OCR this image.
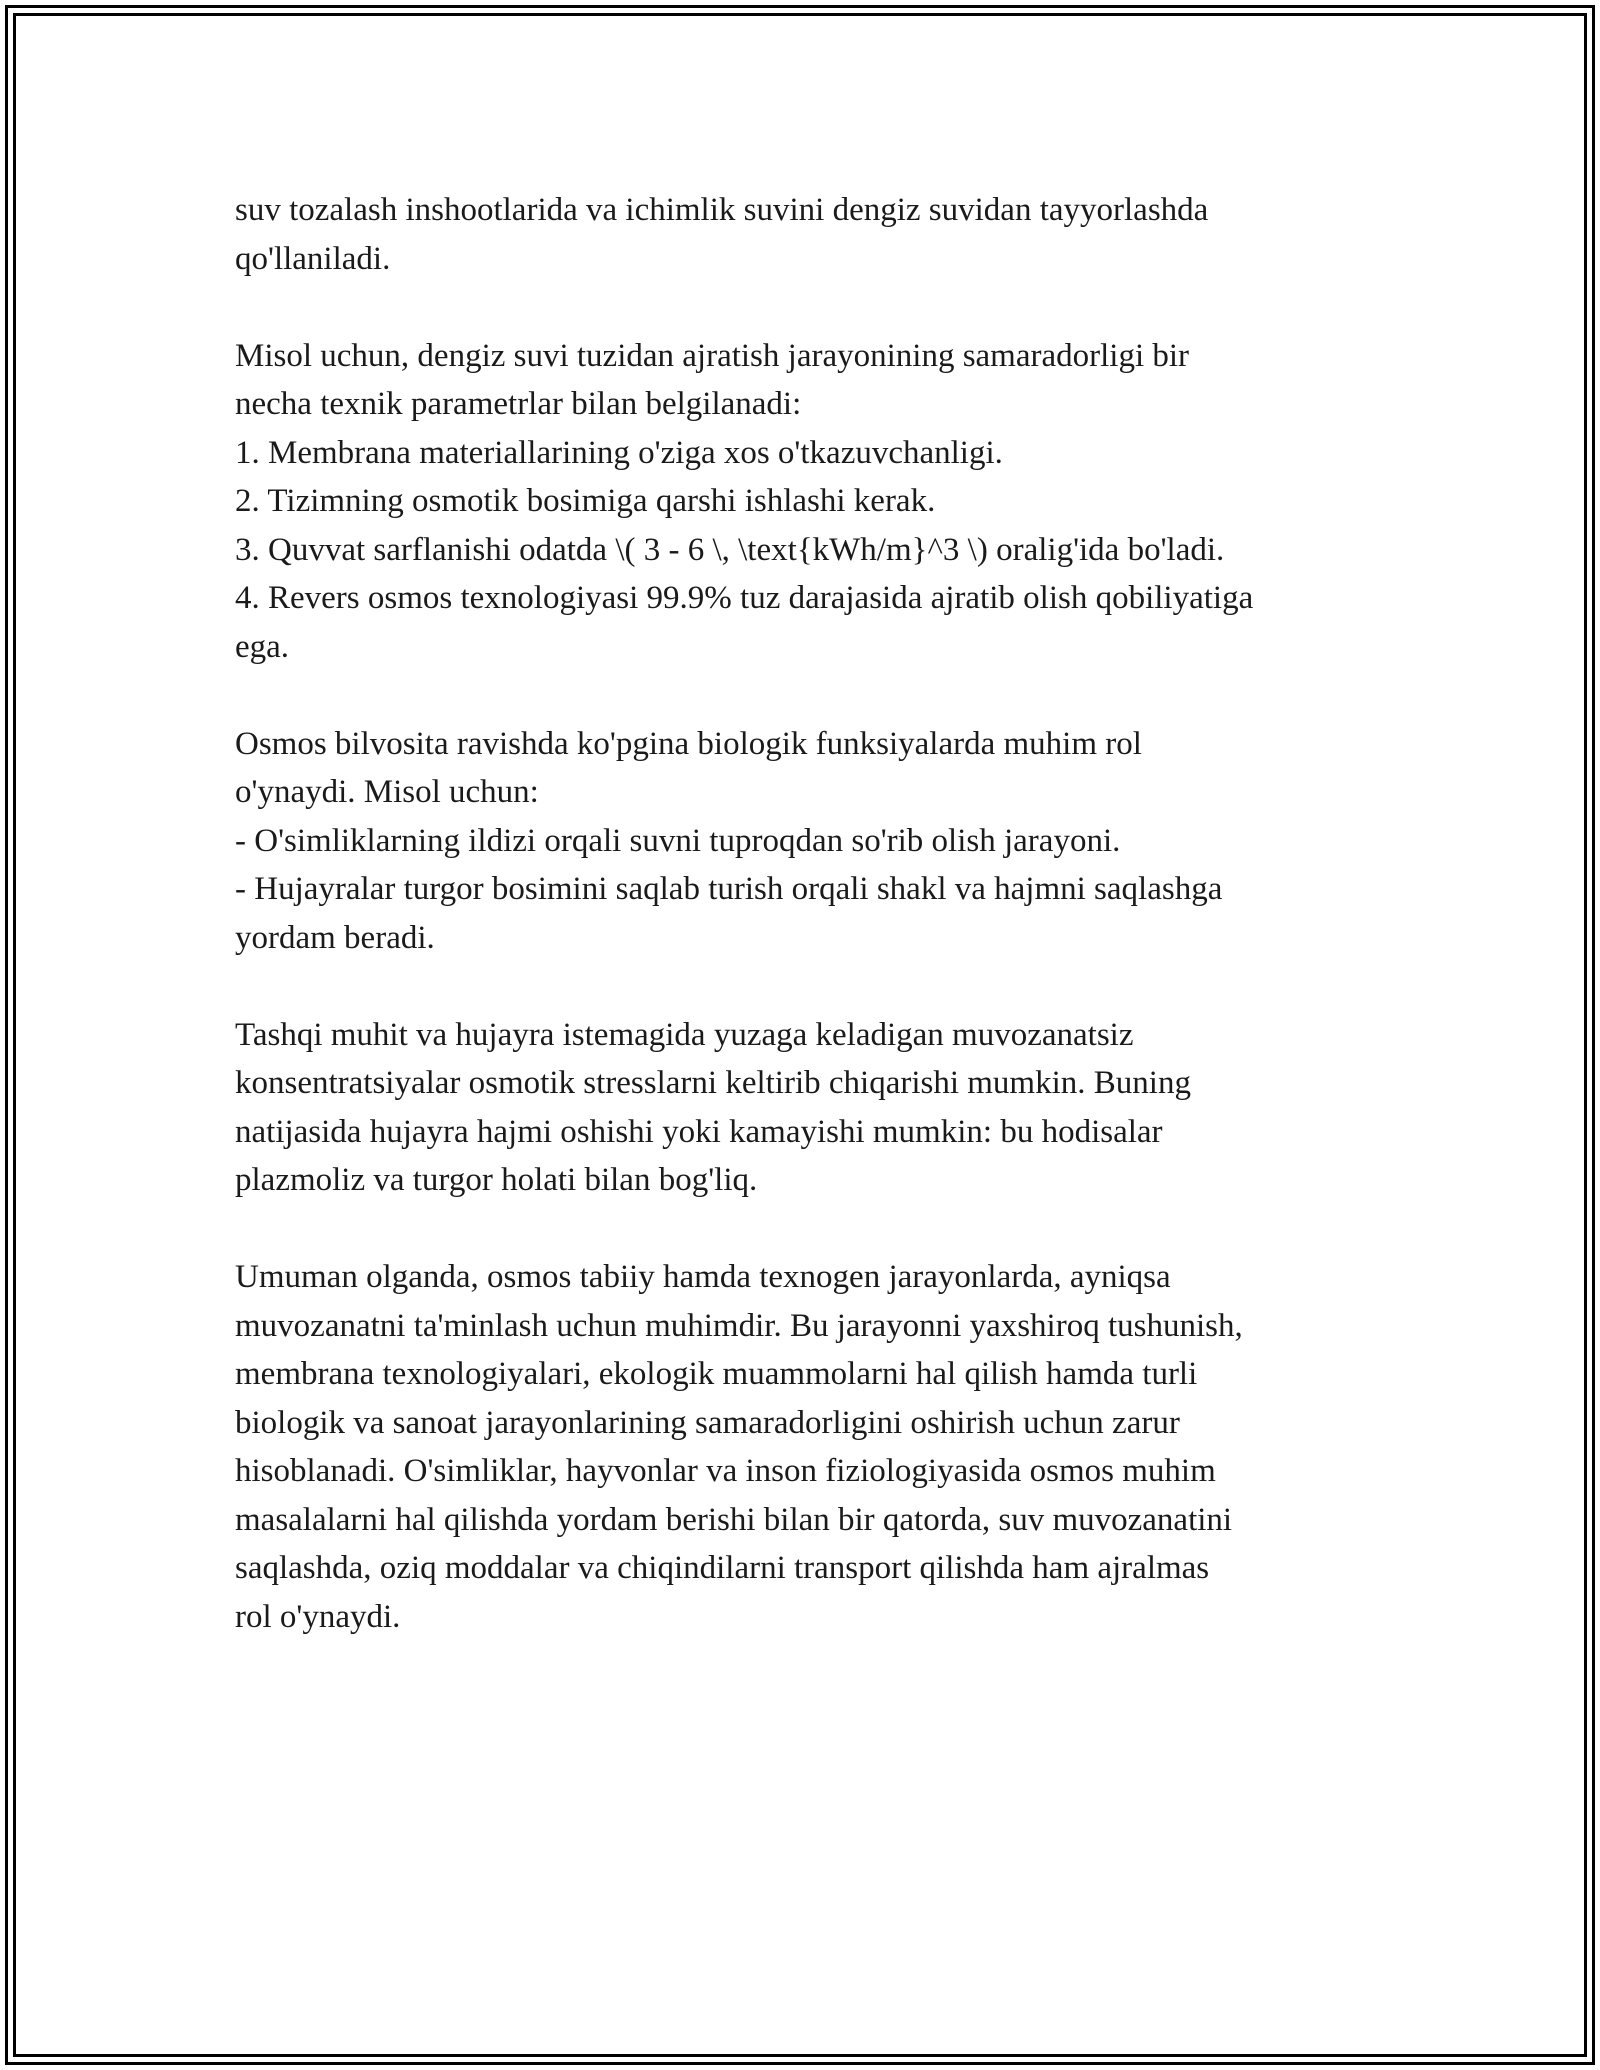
suv tozalash inshootlarida va ichimlik suvini dengiz suvidan tayyorlashda
qo'llaniladi.
Misol uchun, dengiz suvi tuzidan ajratish jarayonining samaradorligi bir
necha texnik parametrlar bilan belgilanadi:
1. Membrana materiallarining o'ziga xos o'tkazuvchanligi.
2. Tizimning osmotik bosimiga qarshi ishlashi kerak.
3. Quvvat sarflanishi odatda \( 3 - 6 \, \text{kWh/m}^3 \) oralig'ida bo'ladi.
4. Revers osmos texnologiyasi 99.9% tuz darajasida ajratib olish qobiliyatiga
ega.
Osmos bilvosita ravishda ko'pgina biologik funksiyalarda muhim rol
o'ynaydi. Misol uchun:
- O'simliklarning ildizi orqali suvni tuproqdan so'rib olish jarayoni.
- Hujayralar turgor bosimini saqlab turish orqali shakl va hajmni saqlashga
yordam beradi.
Tashqi muhit va hujayra istemagida yuzaga keladigan muvozanatsiz
konsentratsiyalar osmotik stresslarni keltirib chiqarishi mumkin. Buning
natijasida hujayra hajmi oshishi yoki kamayishi mumkin: bu hodisalar
plazmoliz va turgor holati bilan bog'liq.
Umuman olganda, osmos tabiiy hamda texnogen jarayonlarda, ayniqsa
muvozanatni ta'minlash uchun muhimdir. Bu jarayonni yaxshiroq tushunish,
membrana texnologiyalari, ekologik muammolarni hal qilish hamda turli
biologik va sanoat jarayonlarining samaradorligini oshirish uchun zarur
hisoblanadi. O'simliklar, hayvonlar va inson fiziologiyasida osmos muhim
masalalarni hal qilishda yordam berishi bilan bir qatorda, suv muvozanatini
saqlashda, oziq moddalar va chiqindilarni transport qilishda ham ajralmas
rol o'ynaydi.
